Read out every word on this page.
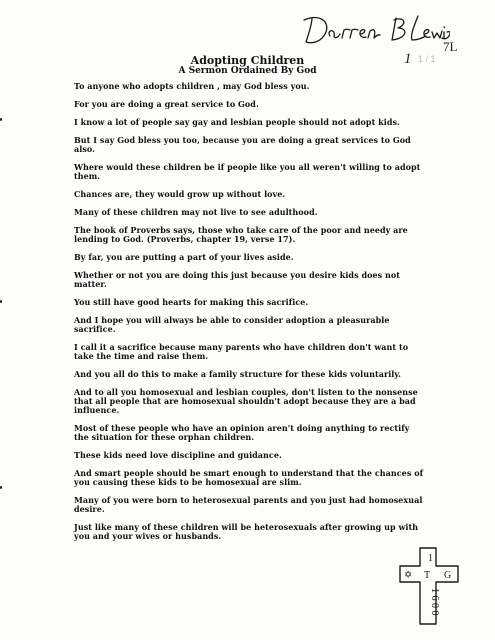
7L
1 1 / 1
Adopting Children
A Sermon Ordained By God

To anyone who adopts children , may God bless you.

For you are doing a great service to God.

I know a lot of people say gay and lesbian people should not adopt kids.

But I say God bless you too, because you are doing a great services to God also.

Where would these children be if people like you all weren't willing to adopt them.

Chances are, they would grow up without love.

Many of these children may not live to see adulthood.

The book of Proverbs says, those who take care of the poor and needy are lending to God. (Proverbs, chapter 19, verse 17).

By far, you are putting a part of your lives aside.

Whether or not you are doing this just because you desire kids does not matter.

You still have good hearts for making this sacrifice.

And I hope you will always be able to consider adoption a pleasurable sacrifice.

I call it a sacrifice because many parents who have children don't want to take the time and raise them.

And you all do this to make a family structure for these kids voluntarily.

And to all you homosexual and lesbian couples, don't listen to the nonsense that all people that are homosexual shouldn't adopt because they are a bad influence.

Most of these people who have an opinion aren't doing anything to rectify the situation for these orphan children.

These kids need love discipline and guidance.

And smart people should be smart enough to understand that the chances of you causing these kids to be homosexual are slim.

Many of you were born to heterosexual parents and you just had homosexual desire.

Just like many of these children will be heterosexuals after growing up with you and your wives or husbands.

1
✡ T G
1 6 0 0
